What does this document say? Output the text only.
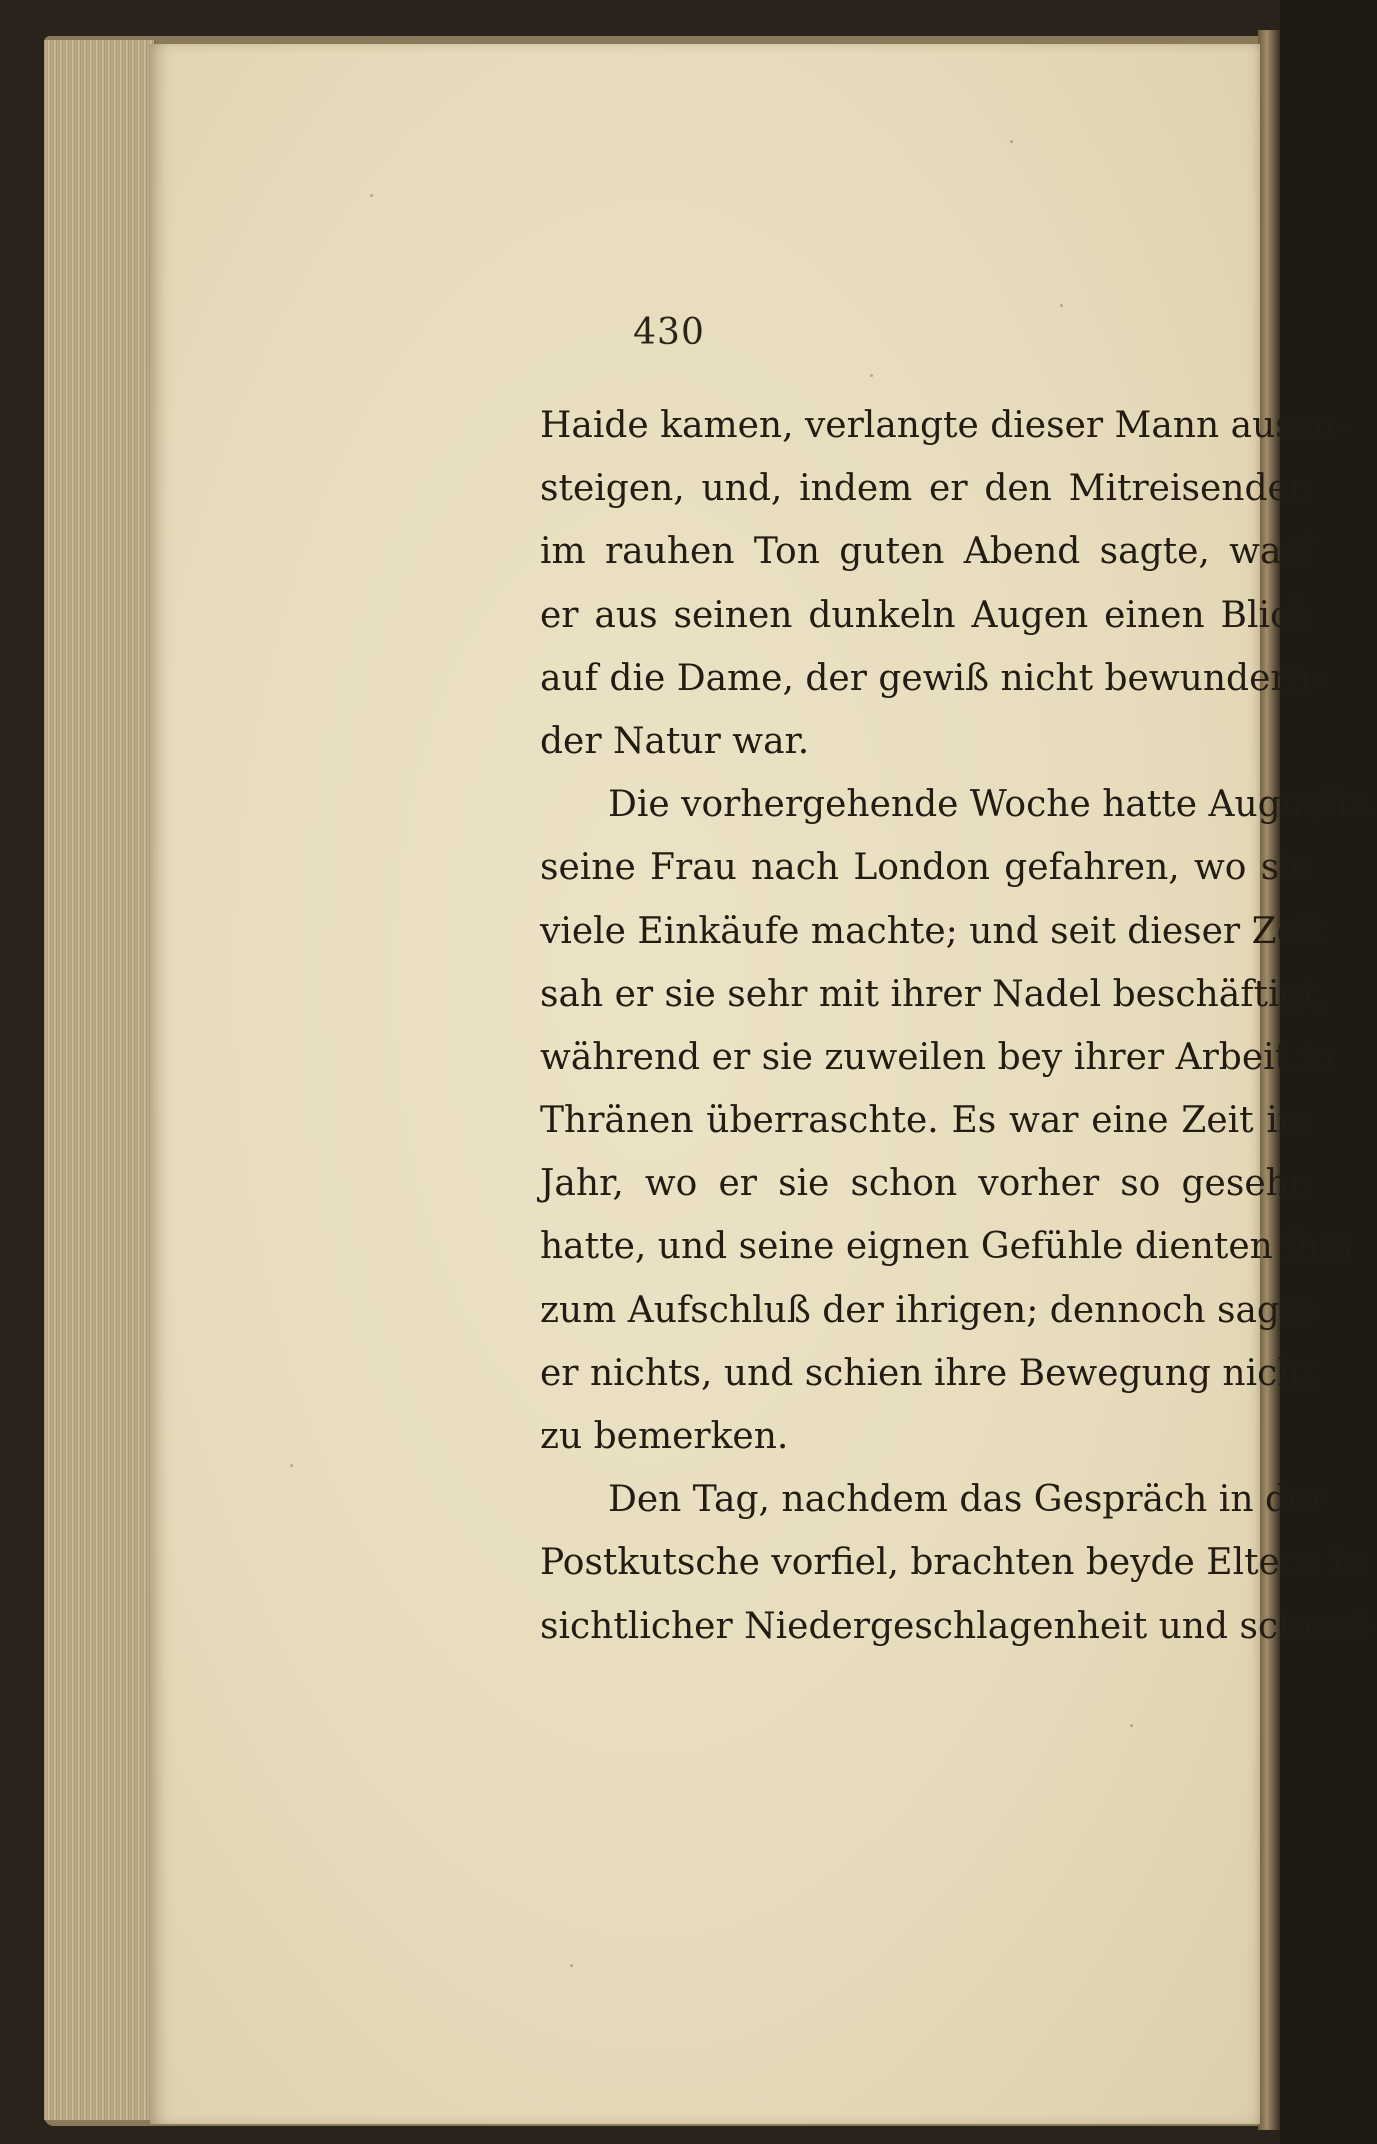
430
Haide kamen, verlangte dieser Mann auszu-
steigen, und, indem er den Mitreisenden
im rauhen Ton guten Abend sagte, warf
er aus seinen dunkeln Augen einen Blick
auf die Dame, der gewiß nicht bewundern-
der Natur war.
Die vorhergehende Woche hatte Augustin
seine Frau nach London gefahren, wo sie
viele Einkäufe machte; und seit dieser Zeit
sah er sie sehr mit ihrer Nadel beschäftigt,
während er sie zuweilen bey ihrer Arbeit in
Thränen überraschte. Es war eine Zeit im
Jahr, wo er sie schon vorher so gesehn
hatte, und seine eignen Gefühle dienten ihm
zum Aufschluß der ihrigen; dennoch sagte
er nichts, und schien ihre Bewegung nicht
zu bemerken.
Den Tag, nachdem das Gespräch in der
Postkutsche vorfiel, brachten beyde Eltern in
sichtlicher Niedergeschlagenheit und schwei-
